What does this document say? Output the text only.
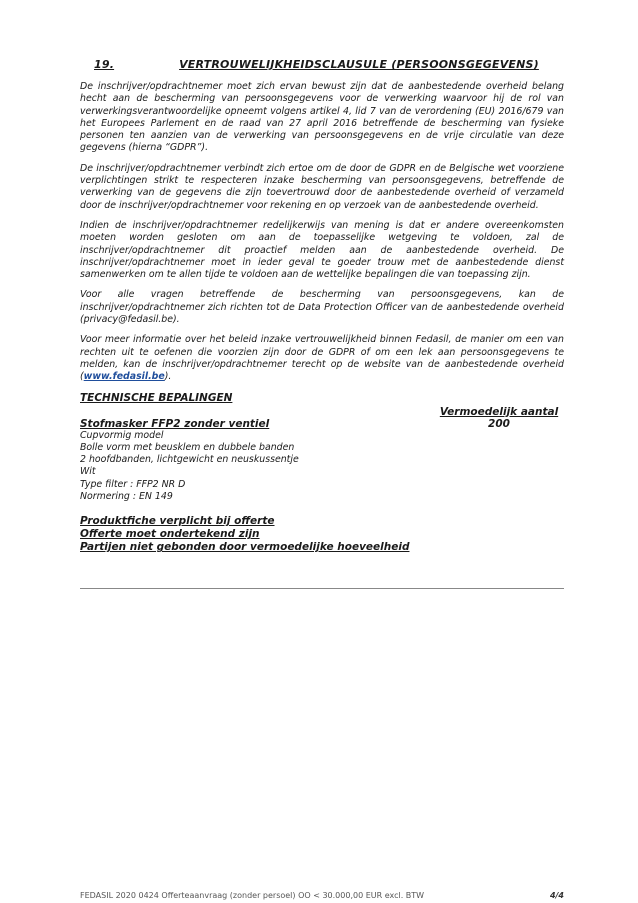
19.	VERTROUWELIJKHEIDSCLAUSULE (PERSOONSGEGEVENS)

De inschrijver/opdrachtnemer moet zich ervan bewust zijn dat de aanbestedende overheid belang hecht aan de bescherming van persoonsgegevens voor de verwerking waarvoor hij de rol van verwerkingsverantwoordelijke opneemt volgens artikel 4, lid 7 van de verordening (EU) 2016/679 van het Europees Parlement en de raad van 27 april 2016 betreffende de bescherming van fysieke personen ten aanzien van de verwerking van persoonsgegevens en de vrije circulatie van deze gegevens (hierna “GDPR”).

De inschrijver/opdrachtnemer verbindt zich ertoe om de door de GDPR en de Belgische wet voorziene verplichtingen strikt te respecteren inzake bescherming van persoonsgegevens, betreffende de verwerking van de gegevens die zijn toevertrouwd door de aanbestedende overheid of verzameld door de inschrijver/opdrachtnemer voor rekening en op verzoek van de aanbestedende overheid.

Indien de inschrijver/opdrachtnemer redelijkerwijs van mening is dat er andere overeenkomsten moeten worden gesloten om aan de toepasselijke wetgeving te voldoen, zal de inschrijver/opdrachtnemer dit proactief melden aan de aanbestedende overheid. De inschrijver/opdrachtnemer moet in ieder geval te goeder trouw met de aanbestedende dienst samenwerken om te allen tijde te voldoen aan de wettelijke bepalingen die van toepassing zijn.

Voor alle vragen betreffende de bescherming van persoonsgegevens, kan de inschrijver/opdrachtnemer zich richten tot de Data Protection Officer van de aanbestedende overheid (privacy@fedasil.be).

Voor meer informatie over het beleid inzake vertrouwelijkheid binnen Fedasil, de manier om een van rechten uit te oefenen die voorzien zijn door de GDPR of om een lek aan persoonsgegevens te melden, kan de inschrijver/opdrachtnemer terecht op de website van de aanbestedende overheid (www.fedasil.be).

TECHNISCHE BEPALINGEN
Stofmasker FFP2 zonder ventiel
Vermoedelijk aantal
200
Cupvormig model
Bolle vorm met beusklem en dubbele banden
2 hoofdbanden, lichtgewicht en neuskussentje
Wit
Type filter : FFP2 NR D
Normering : EN 149
Produktfiche verplicht bij offerte
Offerte moet ondertekend zijn
Partijen niet gebonden door vermoedelijke hoeveelheid
FEDASIL 2020 0424 Offerteaanvraag (zonder persoel) OO < 30.000,00 EUR excl. BTW	4/4
